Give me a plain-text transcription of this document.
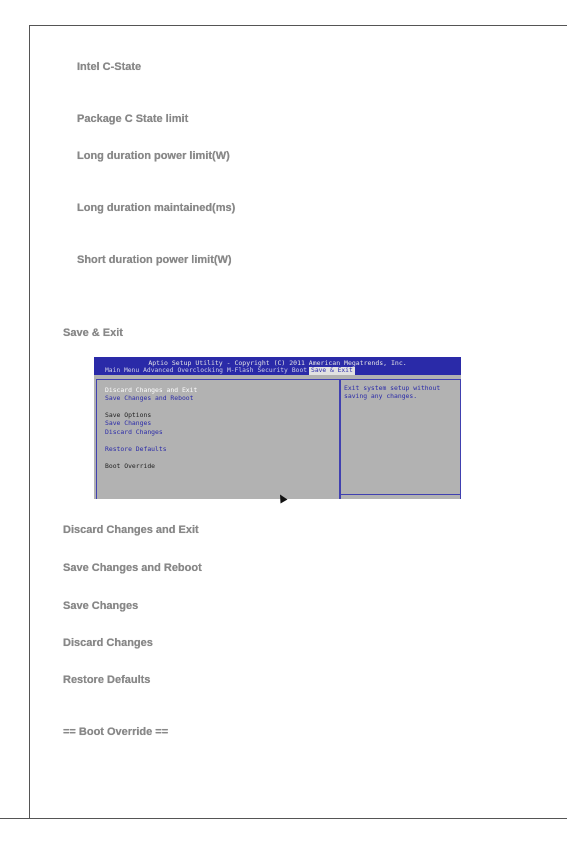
Intel C-State
Package C State limit
Long duration power limit(W)
Long duration maintained(ms)
Short duration power limit(W)
Save & Exit
Aptio Setup Utility - Copyright (C) 2011 American Megatrends, Inc.
Main Menu Advanced Overclocking M-Flash Security Boot Save & Exit
Discard Changes and Exit
Save Changes and Reboot
Save Options
Save Changes
Discard Changes
Restore Defaults
Boot Override
Exit system setup without
saving any changes.
Discard Changes and Exit
Save Changes and Reboot
Save Changes
Discard Changes
Restore Defaults
== Boot Override ==
